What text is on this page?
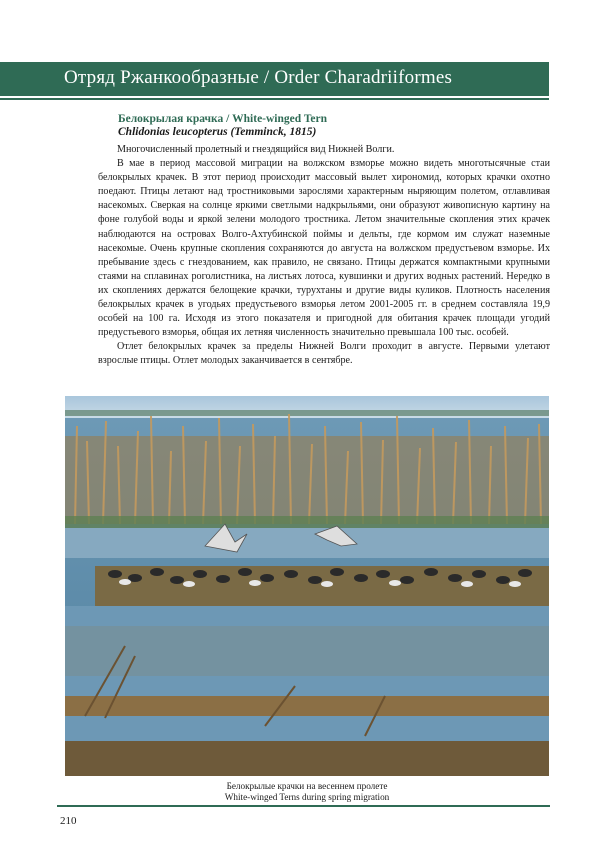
Отряд Ржанкообразные / Order Charadriiformes
Белокрылая крачка / White-winged Tern
Chlidonias leucopterus (Temminck, 1815)

Многочисленный пролетный и гнездящийся вид Нижней Волги.

В мае в период массовой миграции на волжском взморье можно видеть многотысячные стаи белокрылых крачек. В этот период происходит массовый вылет хирономид, которых крачки охотно поедают. Птицы летают над тростниковыми зарослями характерным ныряющим полетом, отлавливая насекомых. Сверкая на солнце яркими светлыми надкрыльями, они образуют живописную картину на фоне голубой воды и яркой зелени молодого тростника. Летом значительные скопления этих крачек наблюдаются на островах Волго-Ахтубинской поймы и дельты, где кормом им служат наземные насекомые. Очень крупные скопления сохраняются до августа на волжском предустьевом взморье. Их пребывание здесь с гнездованием, как правило, не связано. Птицы держатся компактными крупными стаями на сплавинах роголистника, на листьях лотоса, кувшинки и других водных растений. Нередко в их скоплениях держатся белощекие крачки, турухтаны и другие виды куликов. Плотность населения белокрылых крачек в угодьях предустьевого взморья летом 2001-2005 гг. в среднем составляла 19,9 особей на 100 га. Исходя из этого показателя и пригодной для обитания крачек площади угодий предустьевого взморья, общая их летняя численность значительно превышала 100 тыс. особей.

Отлет белокрылых крачек за пределы Нижней Волги проходит в августе. Первыми улетают взрослые птицы. Отлет молодых заканчивается в сентябре.

Белокрылые крачки на весеннем пролете
White-winged Terns during spring migration
210
